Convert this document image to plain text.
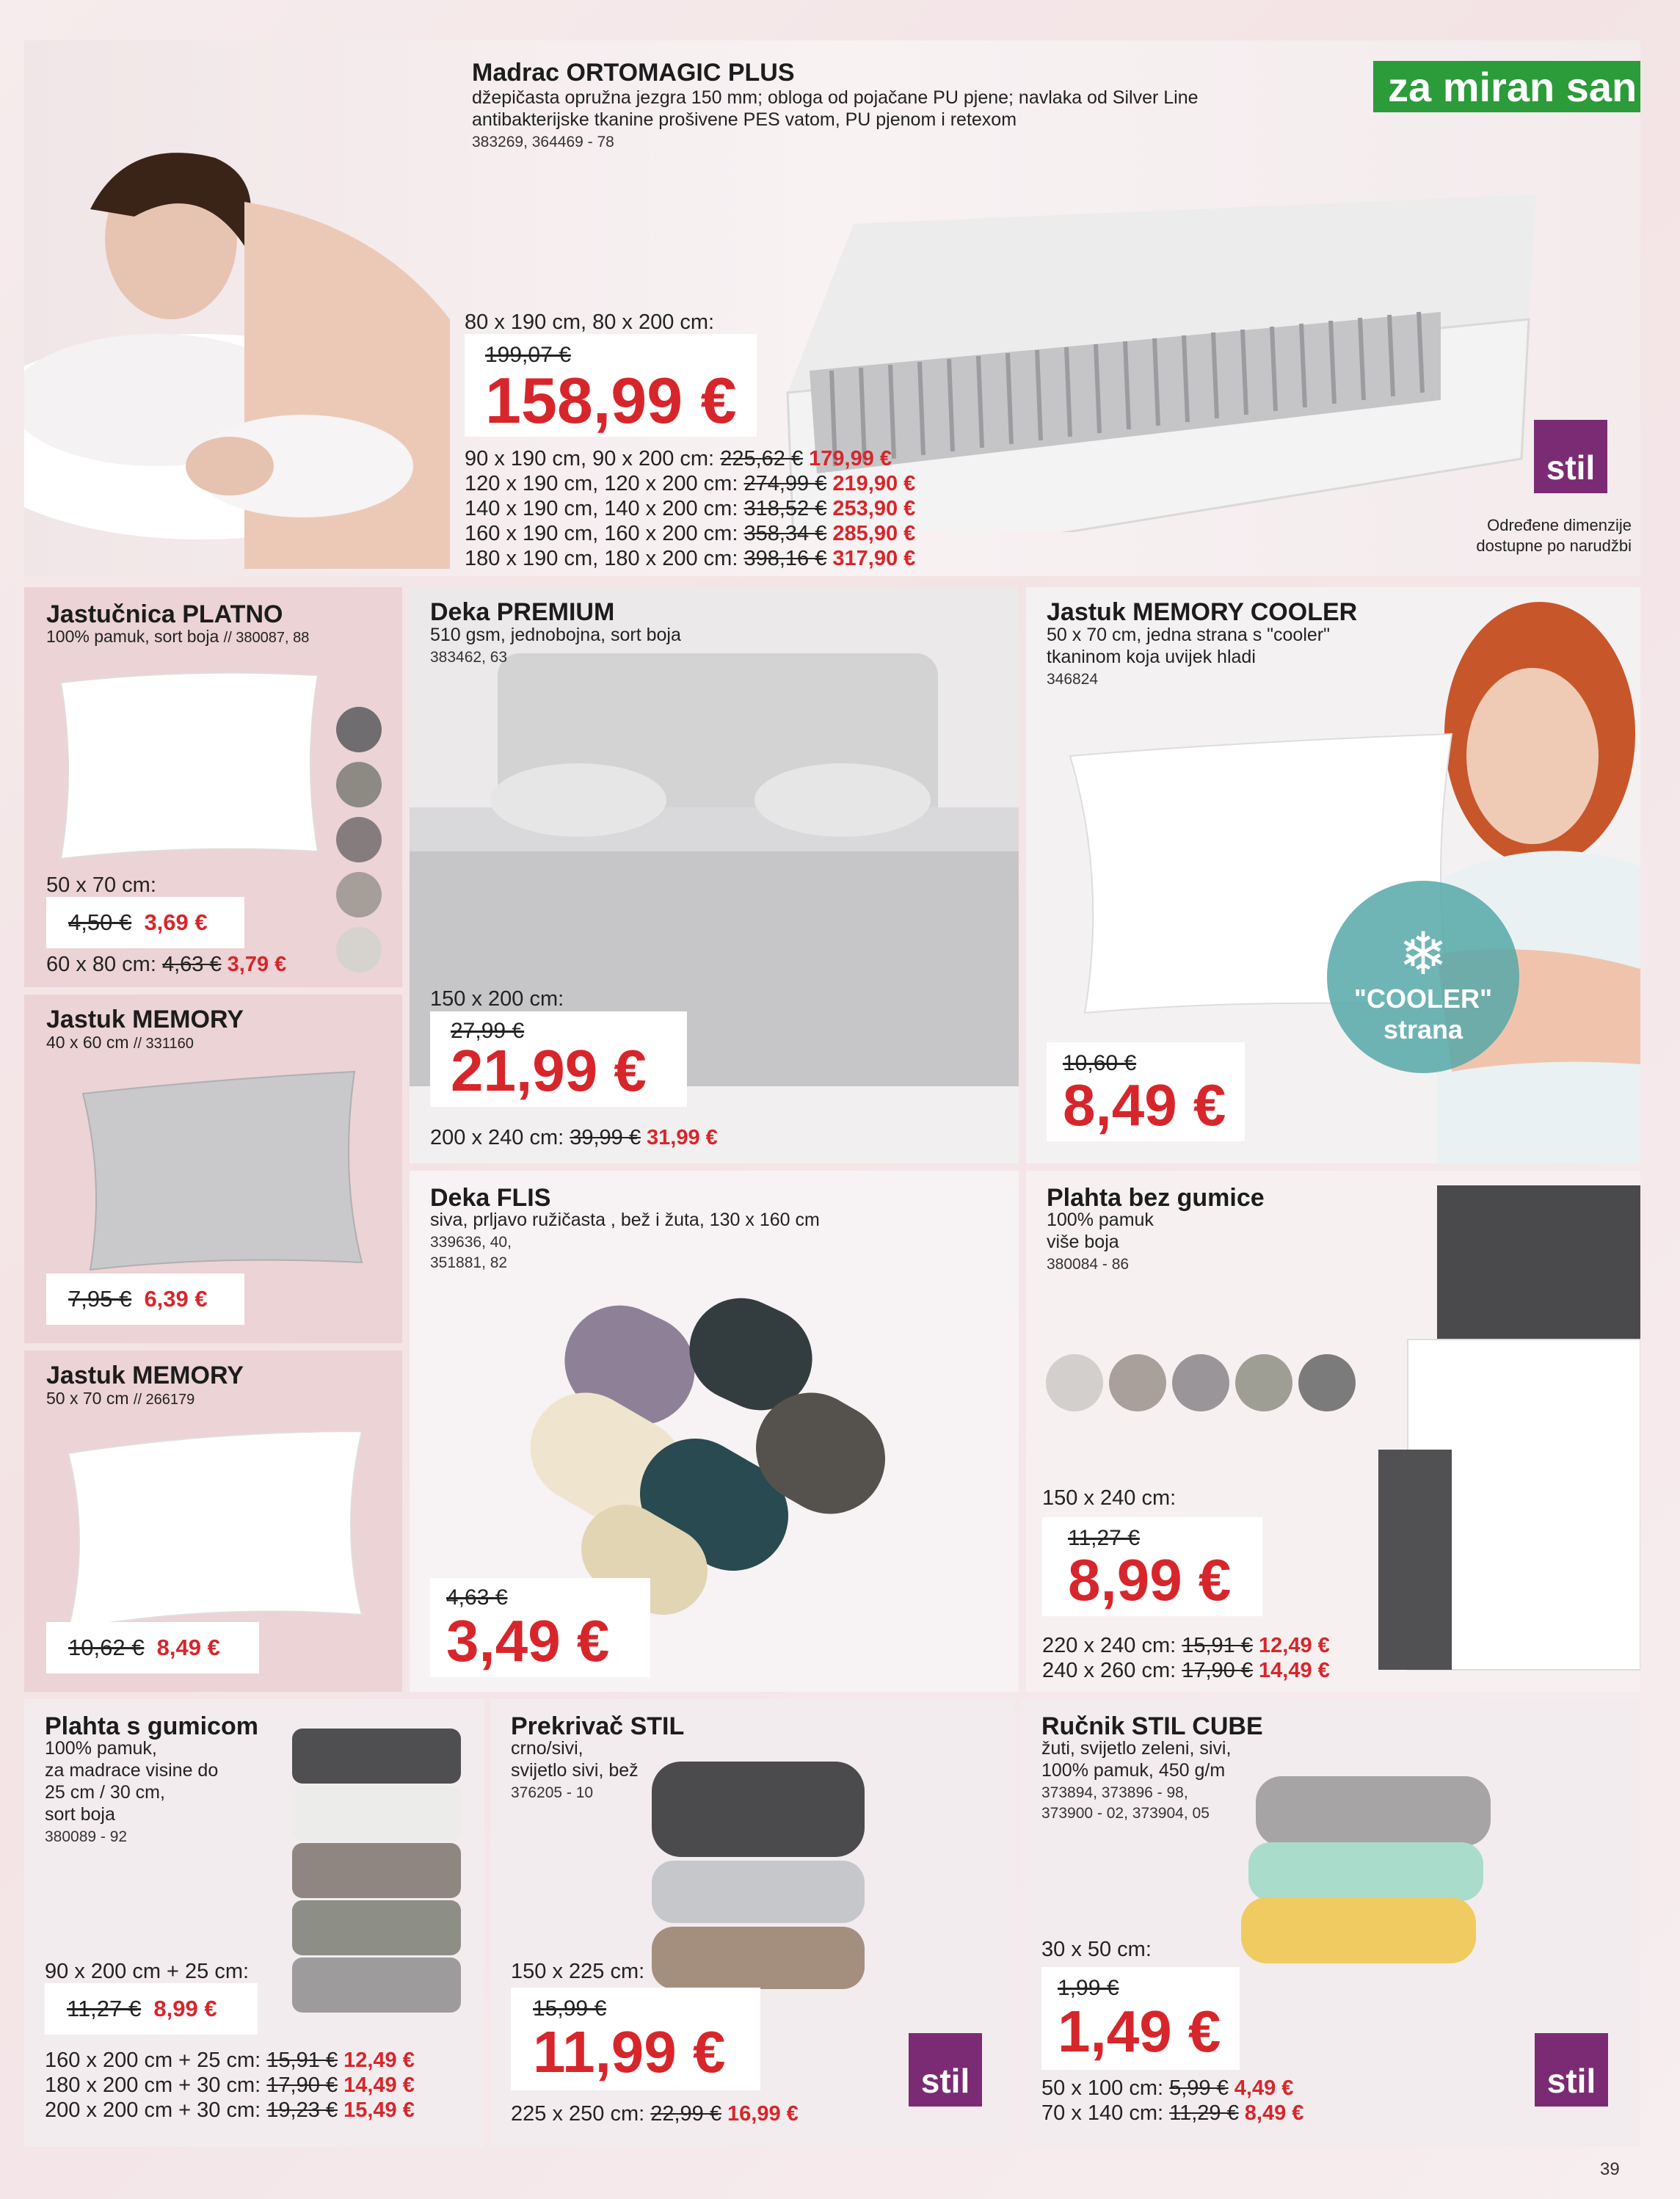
Madrac ORTOMAGIC PLUS
džepičasta opružna jezgra 150 mm; obloga od pojačane PU pjene; navlaka od Silver Line
antibakterijske tkanine prošivene PES vatom, PU pjenom i retexom
383269, 364469 - 78
za miran san
80 x 190 cm, 80 x 200 cm:
199,07 €
158,99 €
90 x 190 cm, 90 x 200 cm: 225,62 € 179,99 €
120 x 190 cm, 120 x 200 cm: 274,99 € 219,90 €
140 x 190 cm, 140 x 200 cm: 318,52 € 253,90 €
160 x 190 cm, 160 x 200 cm: 358,34 € 285,90 €
180 x 190 cm, 180 x 200 cm: 398,16 € 317,90 €
stil
Određene dimenzije
dostupne po narudžbi
Jastučnica PLATNO
100% pamuk, sort boja // 380087, 88
50 x 70 cm:
4,50 €
3,69 €
60 x 80 cm: 4,63 € 3,79 €
Jastuk MEMORY
40 x 60 cm // 331160
7,95 €
6,39 €
Jastuk MEMORY
50 x 70 cm // 266179
10,62 €
8,49 €
Deka PREMIUM
510 gsm, jednobojna, sort boja
383462, 63
150 x 200 cm:
27,99 €
21,99 €
200 x 240 cm: 39,99 € 31,99 €
Deka FLIS
siva, prljavo ružičasta , bež i žuta, 130 x 160 cm
339636, 40,
351881, 82
4,63 €
3,49 €
Jastuk MEMORY COOLER
50 x 70 cm, jedna strana s "cooler"
tkaninom koja uvijek hladi
346824
❄
"COOLER"
strana
10,60 €
8,49 €
Plahta bez gumice
100% pamuk
više boja
380084 - 86
150 x 240 cm:
11,27 €
8,99 €
220 x 240 cm: 15,91 € 12,49 €
240 x 260 cm: 17,90 € 14,49 €
Plahta s gumicom
100% pamuk,
za madrace visine do
25 cm / 30 cm,
sort boja
380089 - 92
90 x 200 cm + 25 cm:
11,27 €
8,99 €
160 x 200 cm + 25 cm: 15,91 € 12,49 €
180 x 200 cm + 30 cm: 17,90 € 14,49 €
200 x 200 cm + 30 cm: 19,23 € 15,49 €
Prekrivač STIL
crno/sivi,
svijetlo sivi, bež
376205 - 10
150 x 225 cm:
15,99 €
11,99 €	stil
225 x 250 cm: 22,99 € 16,99 €
Ručnik STIL CUBE
žuti, svijetlo zeleni, sivi,
100% pamuk, 450 g/m
373894, 373896 - 98,
373900 - 02, 373904, 05
30 x 50 cm:
1,99 €
1,49 €
stil
50 x 100 cm: 5,99 € 4,49 €
70 x 140 cm: 11,29 € 8,49 €
39
